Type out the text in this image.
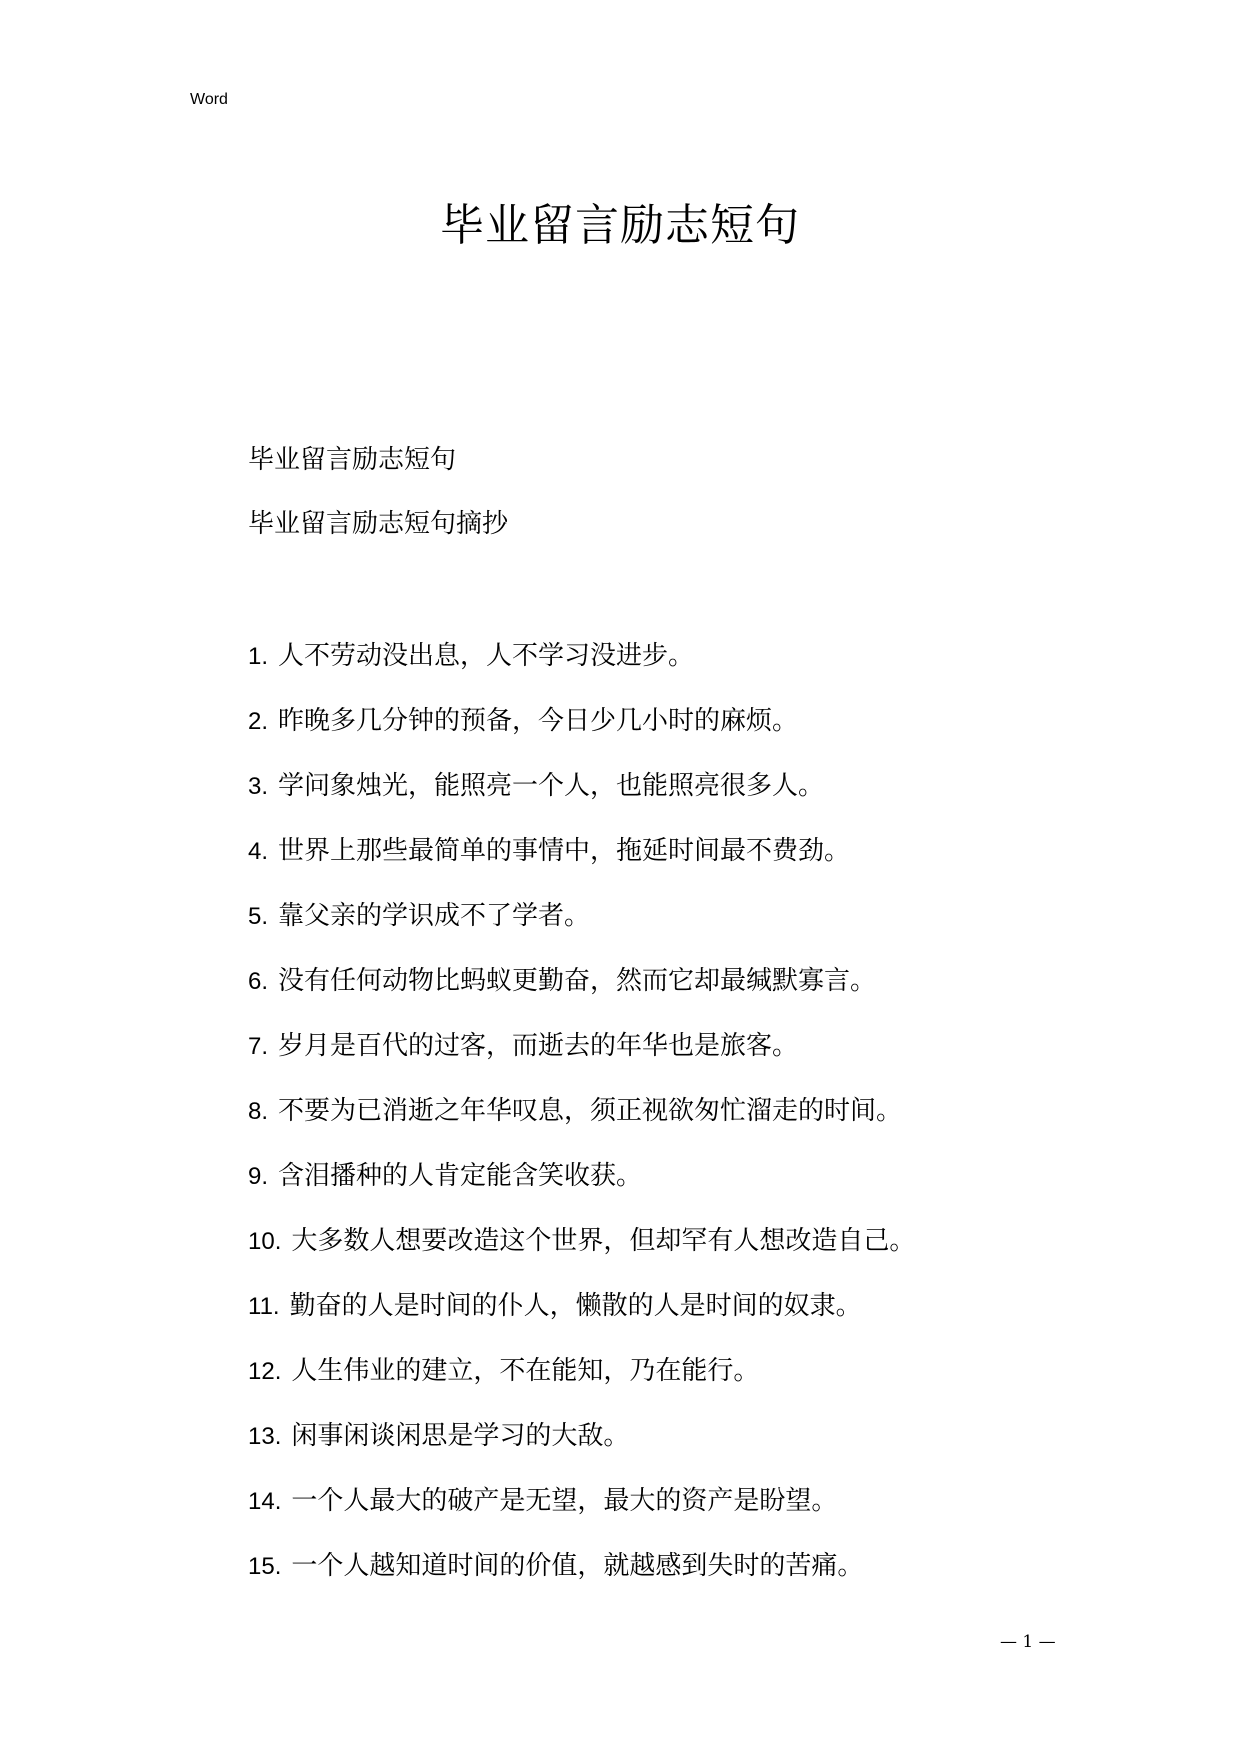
Word
毕业留言励志短句
毕业留言励志短句
毕业留言励志短句摘抄
1. 人不劳动没出息，人不学习没进步。
2. 昨晚多几分钟的预备，今日少几小时的麻烦。
3. 学问象烛光，能照亮一个人，也能照亮很多人。
4. 世界上那些最简单的事情中，拖延时间最不费劲。
5. 靠父亲的学识成不了学者。
6. 没有任何动物比蚂蚁更勤奋，然而它却最缄默寡言。
7. 岁月是百代的过客，而逝去的年华也是旅客。
8. 不要为已消逝之年华叹息，须正视欲匆忙溜走的时间。
9. 含泪播种的人肯定能含笑收获。
10. 大多数人想要改造这个世界，但却罕有人想改造自己。
11. 勤奋的人是时间的仆人，懒散的人是时间的奴隶。
12. 人生伟业的建立，不在能知，乃在能行。
13. 闲事闲谈闲思是学习的大敌。
14. 一个人最大的破产是无望，最大的资产是盼望。
15. 一个人越知道时间的价值，就越感到失时的苦痛。
— 1 —
